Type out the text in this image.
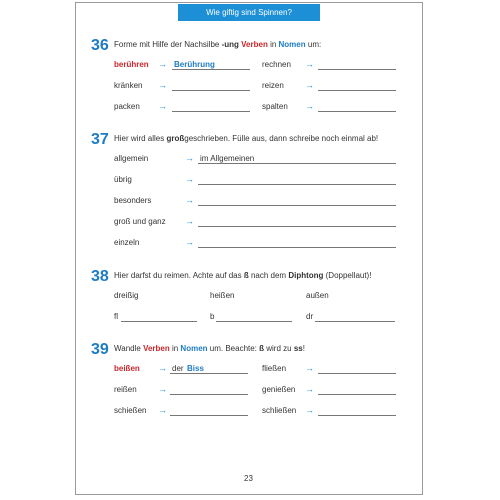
Wie giftig sind Spinnen?
36 Forme mit Hilfe der Nachsilbe -ung Verben in Nomen um:
berühren → Berührung	rechnen →
kränken →	reizen →
packen →	spalten →
37 Hier wird alles großgeschrieben. Fülle aus, dann schreibe noch einmal ab!
allgemein	→ im Allgemeinen
übrig	→
besonders	→
groß und ganz →
einzeln	→
38 Hier darfst du reimen. Achte auf das ß nach dem Diphtong (Doppellaut)!
dreißig	heißen	außen
fl	b	dr
39 Wandle Verben in Nomen um. Beachte: ß wird zu ss!
beißen → der Biss	fließen →
reißen →	genießen →
schießen →	schließen →
23
